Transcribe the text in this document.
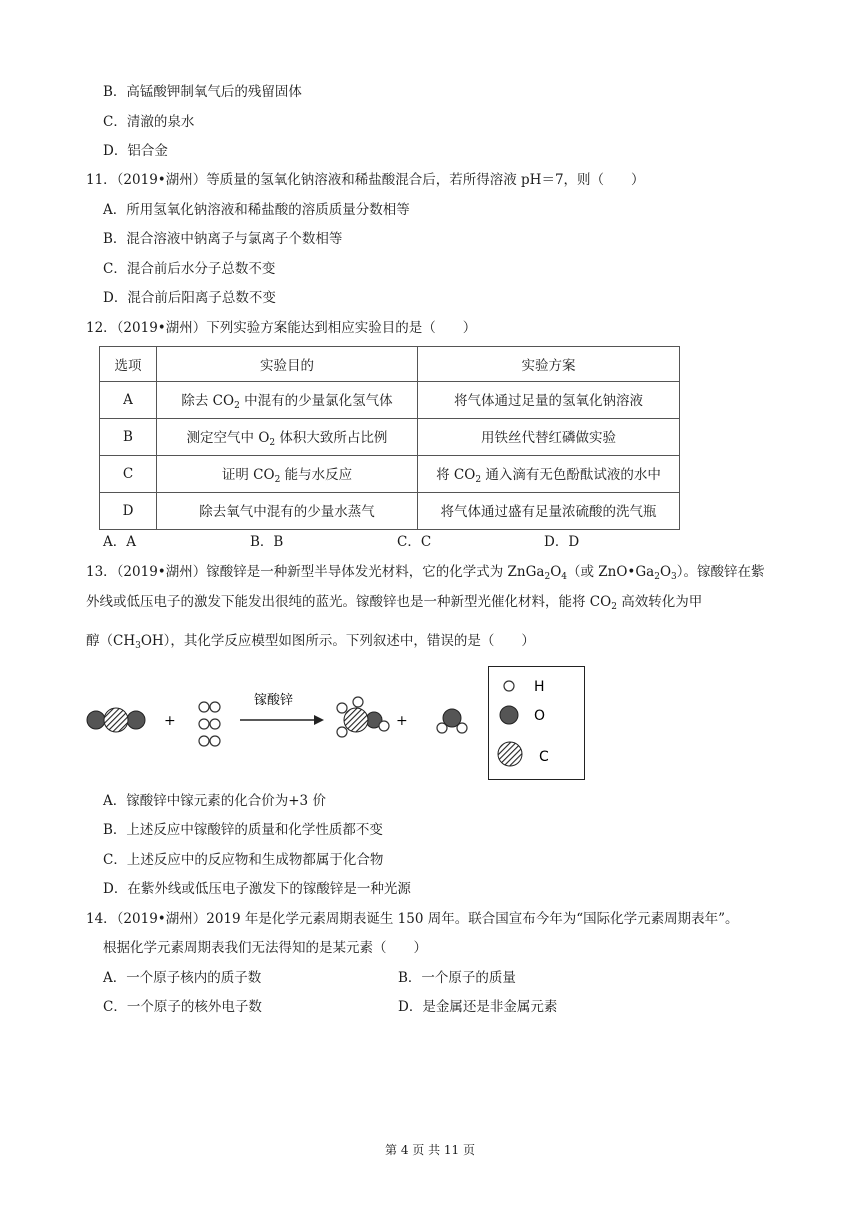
B．高锰酸钾制氧气后的残留固体
C．清澈的泉水
D．铝合金
11．（2019•湖州）等质量的氢氧化钠溶液和稀盐酸混合后，若所得溶液 pH＝7，则（　　）
A．所用氢氧化钠溶液和稀盐酸的溶质质量分数相等
B．混合溶液中钠离子与氯离子个数相等
C．混合前后水分子总数不变
D．混合前后阳离子总数不变
12．（2019•湖州）下列实验方案能达到相应实验目的是（　　）
选项	实验目的	实验方案
A	除去 $CO_2$ 中混有的少量氯化氢气体	将气体通过足量的氢氧化钠溶液
B	测定空气中 $O_2$ 体积大致所占比例	用铁丝代替红磷做实验
C	证明 $CO_2$ 能与水反应	将 $CO_2$ 通入滴有无色酚酞试液的水中
D	除去氧气中混有的少量水蒸气	将气体通过盛有足量浓硫酸的洗气瓶
A．A	B．B	C．C	D．D
13．（2019•湖州）镓酸锌是一种新型半导体发光材料，它的化学式为 $ZnGa_2O_4$（或 $ZnO•Ga_2O_3$）。镓酸锌在紫
外线或低压电子的激发下能发出很纯的蓝光。镓酸锌也是一种新型光催化材料，能将 $CO_2$ 高效转化为甲
醇$(CH_3OH)$，其化学反应模型如图所示。下列叙述中，错误的是（　　）
+
镓酸锌
+
H
O
C
A．镓酸锌中镓元素的化合价为+3 价
B．上述反应中镓酸锌的质量和化学性质都不变
C．上述反应中的反应物和生成物都属于化合物
D．在紫外线或低压电子激发下的镓酸锌是一种光源
14．（2019•湖州）2019 年是化学元素周期表诞生 150 周年。联合国宣布今年为“国际化学元素周期表年”。
根据化学元素周期表我们无法得知的是某元素（　　）
A．一个原子核内的质子数	B．一个原子的质量
C．一个原子的核外电子数	D．是金属还是非金属元素
第 4 页 共 11 页
